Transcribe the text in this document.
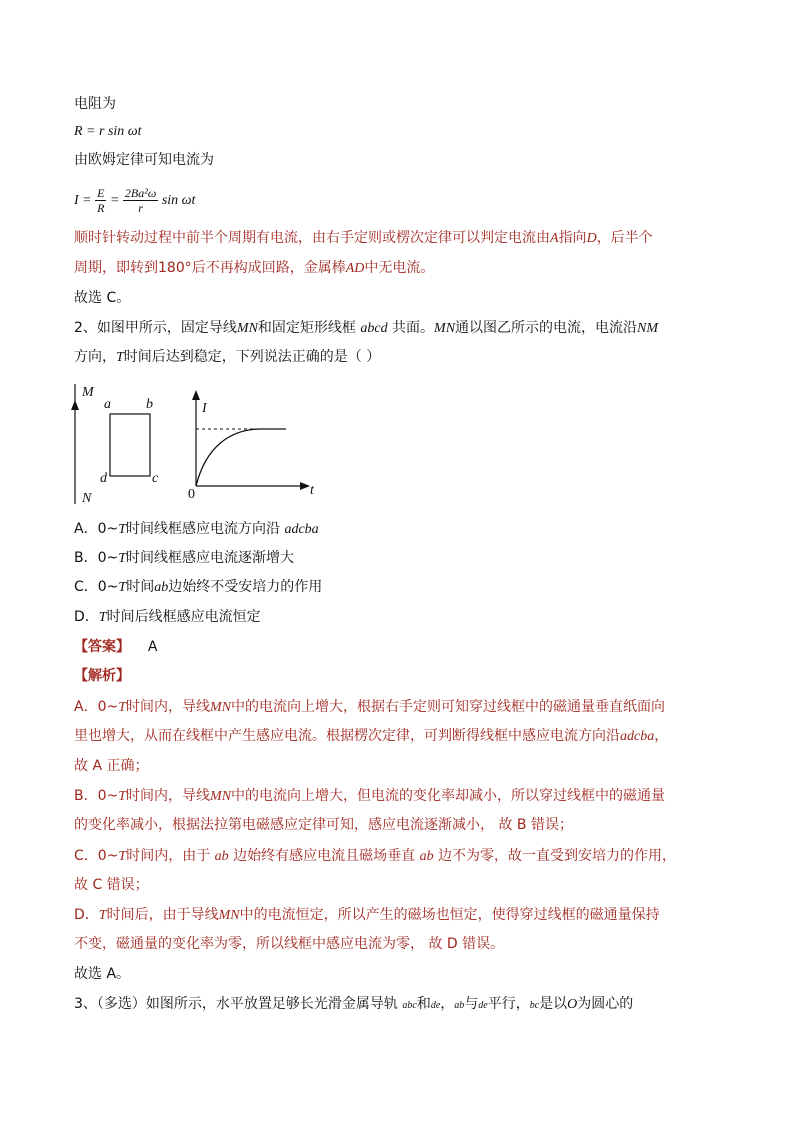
电阻为
R = r sin ωt
由欧姆定律可知电流为
$I = \frac{E}{R} = \frac{\text{2Ba²ω}}{r}$ sin ωt
顺时针转动过程中前半个周期有电流，由右手定则或楞次定律可以判定电流由A指向D，后半个
周期，即转到180°后不再构成回路，金属棒AD中无电流。
故选 C。
2、如图甲所示，固定导线MN和固定矩形线框 abcd 共面。MN通以图乙所示的电流，电流沿NM
方向，T时间后达到稳定，下列说法正确的是（ ）
M
N
a	b
c
d
I
t
0
A．0~T时间线框感应电流方向沿 adcba
B．0~T时间线框感应电流逐渐增大
C．0~T时间ab边始终不受安培力的作用
D．T时间后线框感应电流恒定
【答案】 A
【解析】
A．0~T时间内，导线MN中的电流向上增大，根据右手定则可知穿过线框中的磁通量垂直纸面向
里也增大，从而在线框中产生感应电流。根据楞次定律，可判断得线框中感应电流方向沿adcba，
故 A 正确；
B．0~T时间内，导线MN中的电流向上增大，但电流的变化率却减小，所以穿过线框中的磁通量
的变化率减小，根据法拉第电磁感应定律可知，感应电流逐渐减小， 故 B 错误；
C．0~T时间内，由于 ab 边始终有感应电流且磁场垂直 ab 边不为零，故一直受到安培力的作用，
故 C 错误；
D．T时间后，由于导线MN中的电流恒定，所以产生的磁场也恒定，使得穿过线框的磁通量保持
不变，磁通量的变化率为零，所以线框中感应电流为零， 故 D 错误。
故选 A。
3、（多选）如图所示，水平放置足够长光滑金属导轨 abc和de，ab与de平行，bc是以O为圆心的
